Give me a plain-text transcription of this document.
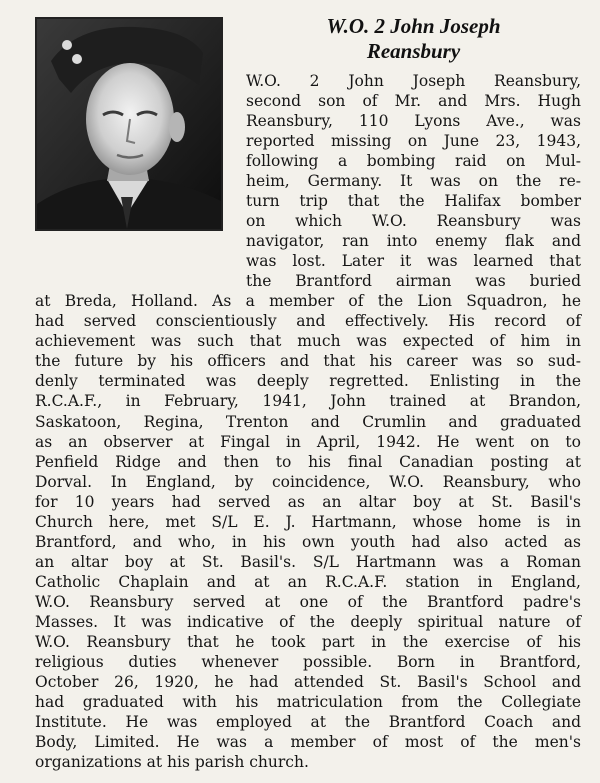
W.O. 2 John Joseph
Reansbury

W.O. 2 John Joseph Reansbury,

second son of Mr. and Mrs. Hugh

Reansbury, 110 Lyons Ave., was

reported missing on June 23, 1943,

following a bombing raid on Mul-

heim, Germany. It was on the re-

turn trip that the Halifax bomber

on which W.O. Reansbury was

navigator, ran into enemy flak and

was lost. Later it was learned that

the Brantford airman was buried

at Breda, Holland. As a member of the Lion Squadron, he

had served conscientiously and effectively. His record of

achievement was such that much was expected of him in

the future by his officers and that his career was so sud-

denly terminated was deeply regretted. Enlisting in the

R.C.A.F., in February, 1941, John trained at Brandon,

Saskatoon, Regina, Trenton and Crumlin and graduated

as an observer at Fingal in April, 1942. He went on to

Penfield Ridge and then to his final Canadian posting at

Dorval. In England, by coincidence, W.O. Reansbury, who

for 10 years had served as an altar boy at St. Basil's

Church here, met S/L E. J. Hartmann, whose home is in

Brantford, and who, in his own youth had also acted as

an altar boy at St. Basil's. S/L Hartmann was a Roman

Catholic Chaplain and at an R.C.A.F. station in England,

W.O. Reansbury served at one of the Brantford padre's

Masses. It was indicative of the deeply spiritual nature of

W.O. Reansbury that he took part in the exercise of his

religious duties whenever possible. Born in Brantford,

October 26, 1920, he had attended St. Basil's School and

had graduated with his matriculation from the Collegiate

Institute. He was employed at the Brantford Coach and

Body, Limited. He was a member of most of the men's

organizations at his parish church.
